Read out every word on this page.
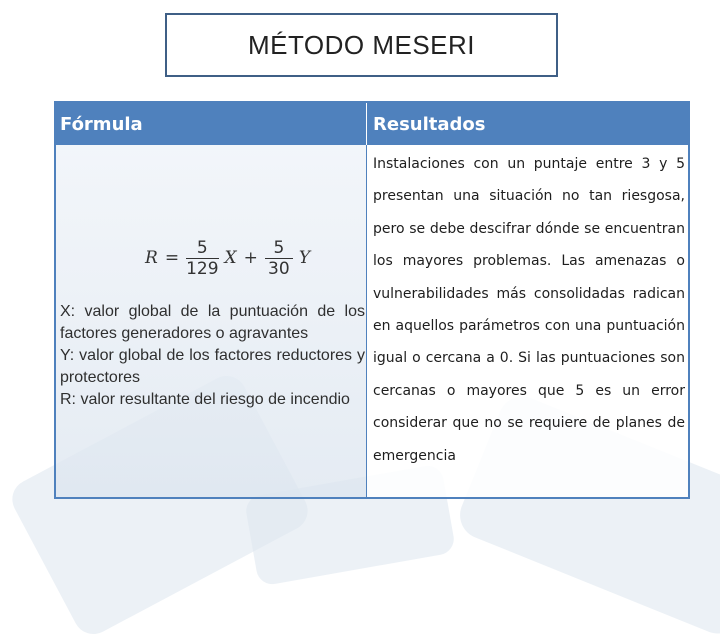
MÉTODO MESERI
Fórmula	Resultados
$R = \frac{5}{129}$ $X + \frac{5}{30}$ Y

X: valor global de la puntuación de los factores generadores o agravantes

Y: valor global de los factores reductores y protectores

R: valor resultante del riesgo de incendio

Instalaciones con un puntaje entre 3 y 5 presentan una situación no tan riesgosa, pero se debe descifrar dónde se encuentran los mayores problemas. Las amenazas o vulnerabilidades más consolidadas radican en aquellos parámetros con una puntuación igual o cercana a 0. Si las puntuaciones son cercanas o mayores que 5 es un error considerar que no se requiere de planes de emergencia
